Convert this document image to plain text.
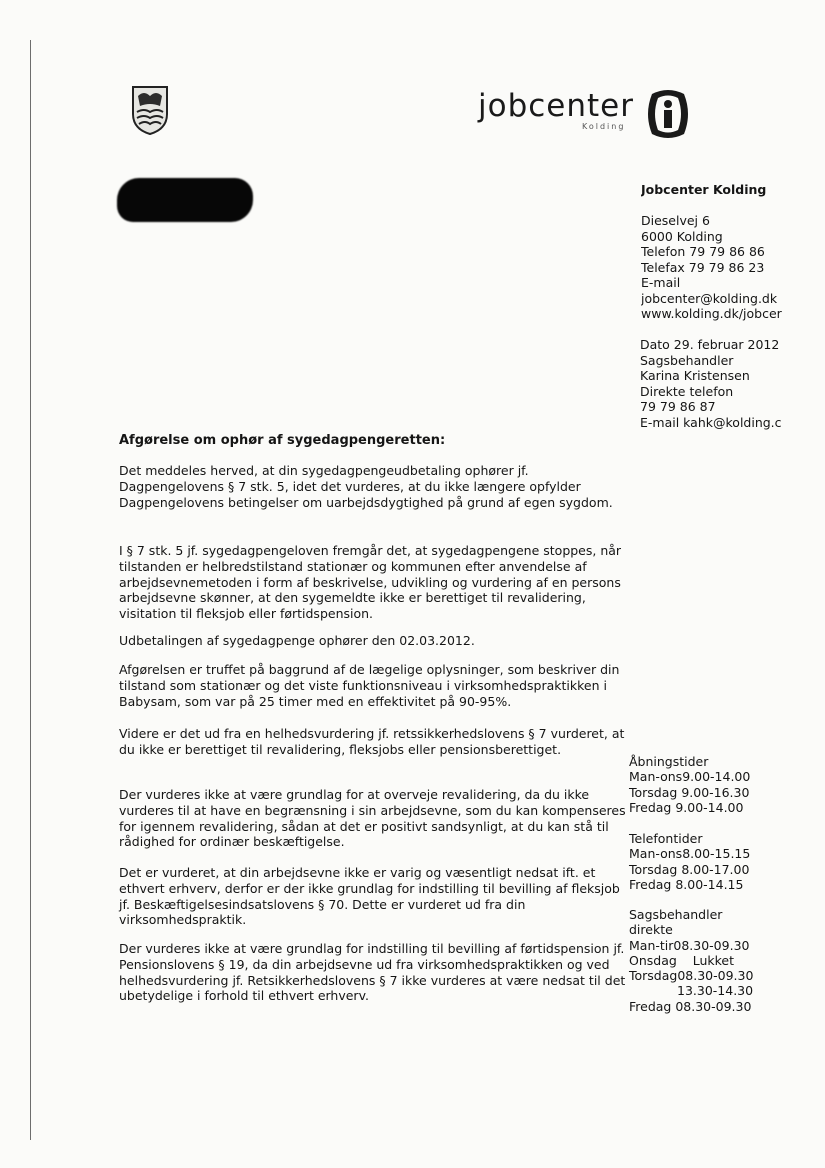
jobcenter
Kolding
Jobcenter Kolding
Dieselvej 6
6000 Kolding
Telefon 79 79 86 86
Telefax 79 79 86 23
E-mail
jobcenter@kolding.dk
www.kolding.dk/jobcer
Dato 29. februar 2012
Sagsbehandler
Karina Kristensen
Direkte telefon
79 79 86 87
E-mail kahk@kolding.c
Afgørelse om ophør af sygedagpengeretten:

Det meddeles herved, at din sygedagpengeudbetaling ophører jf. Dagpengelovens § 7 stk. 5, idet det vurderes, at du ikke længere opfylder Dagpengelovens betingelser om uarbejdsdygtighed på grund af egen sygdom.

I § 7 stk. 5 jf. sygedagpengeloven fremgår det, at sygedagpengene stoppes, når tilstanden er helbredstilstand stationær og kommunen efter anvendelse af arbejdsevnemetoden i form af beskrivelse, udvikling og vurdering af en persons arbejdsevne skønner, at den sygemeldte ikke er berettiget til revalidering, visitation til fleksjob eller førtidspension.

Udbetalingen af sygedagpenge ophører den 02.03.2012.

Afgørelsen er truffet på baggrund af de lægelige oplysninger, som beskriver din tilstand som stationær og det viste funktionsniveau i virksomhedspraktikken i Babysam, som var på 25 timer med en effektivitet på 90-95%.

Videre er det ud fra en helhedsvurdering jf. retssikkerhedslovens § 7 vurderet, at du ikke er berettiget til revalidering, fleksjobs eller pensionsberettiget.

Der vurderes ikke at være grundlag for at overveje revalidering, da du ikke vurderes til at have en begrænsning i sin arbejdsevne, som du kan kompenseres for igennem revalidering, sådan at det er positivt sandsynligt, at du kan stå til rådighed for ordinær beskæftigelse.

Det er vurderet, at din arbejdsevne ikke er varig og væsentligt nedsat ift. et ethvert erhverv, derfor er der ikke grundlag for indstilling til bevilling af fleksjob jf. Beskæftigelsesindsatslovens § 70. Dette er vurderet ud fra din virksomhedspraktik.

Der vurderes ikke at være grundlag for indstilling til bevilling af førtidspension jf. Pensionslovens § 19, da din arbejdsevne ud fra virksomhedspraktikken og ved helhedsvurdering jf. Retsikkerhedslovens § 7 ikke vurderes at være nedsat til det ubetydelige i forhold til ethvert erhverv.

Åbningstider
Man-ons9.00-14.00
Torsdag 9.00-16.30
Fredag 9.00-14.00
Telefontider
Man-ons8.00-15.15
Torsdag 8.00-17.00
Fredag 8.00-14.15
Sagsbehandler
direkte
Man-tir08.30-09.30
Onsdag    Lukket
Torsdag08.30-09.30
13.30-14.30
Fredag 08.30-09.30
